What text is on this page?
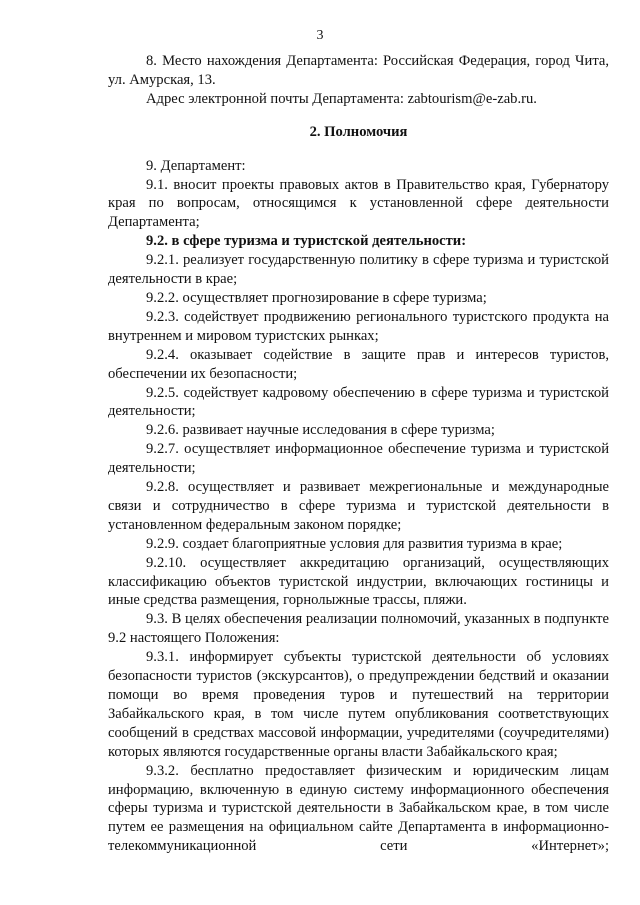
3

8. Место нахождения Департамента: Российская Федерация, город Чита, ул. Амурская, 13.

Адрес электронной почты Департамента: zabtourism@e-zab.ru.

2. Полномочия

9. Департамент:

9.1. вносит проекты правовых актов в Правительство края, Губернатору края по вопросам, относящимся к установленной сфере деятельности Департамента;

9.2. в сфере туризма и туристской деятельности:

9.2.1. реализует государственную политику в сфере туризма и туристской деятельности в крае;

9.2.2. осуществляет прогнозирование в сфере туризма;

9.2.3. содействует продвижению регионального туристского продукта на внутреннем и мировом туристских рынках;

9.2.4. оказывает содействие в защите прав и интересов туристов, обеспечении их безопасности;

9.2.5. содействует кадровому обеспечению в сфере туризма и туристской деятельности;

9.2.6. развивает научные исследования в сфере туризма;

9.2.7. осуществляет информационное обеспечение туризма и туристской деятельности;

9.2.8. осуществляет и развивает межрегиональные и международные связи и сотрудничество в сфере туризма и туристской деятельности в установленном федеральным законом порядке;

9.2.9. создает благоприятные условия для развития туризма в крае;

9.2.10. осуществляет аккредитацию организаций, осуществляющих классификацию объектов туристской индустрии, включающих гостиницы и иные средства размещения, горнолыжные трассы, пляжи.

9.3. В целях обеспечения реализации полномочий, указанных в подпункте 9.2 настоящего Положения:

9.3.1. информирует субъекты туристской деятельности об условиях безопасности туристов (экскурсантов), о предупреждении бедствий и оказании помощи во время проведения туров и путешествий на территории Забайкальского края, в том числе путем опубликования соответствующих сообщений в средствах массовой информации, учредителями (соучредителями) которых являются государственные органы власти Забайкальского края;

9.3.2. бесплатно предоставляет физическим и юридическим лицам информацию, включенную в единую систему информационного обеспечения сферы туризма и туристской деятельности в Забайкальском крае, в том числе путем ее размещения на официальном сайте Департамента в информационно-телекоммуникационной сети «Интернет»;
